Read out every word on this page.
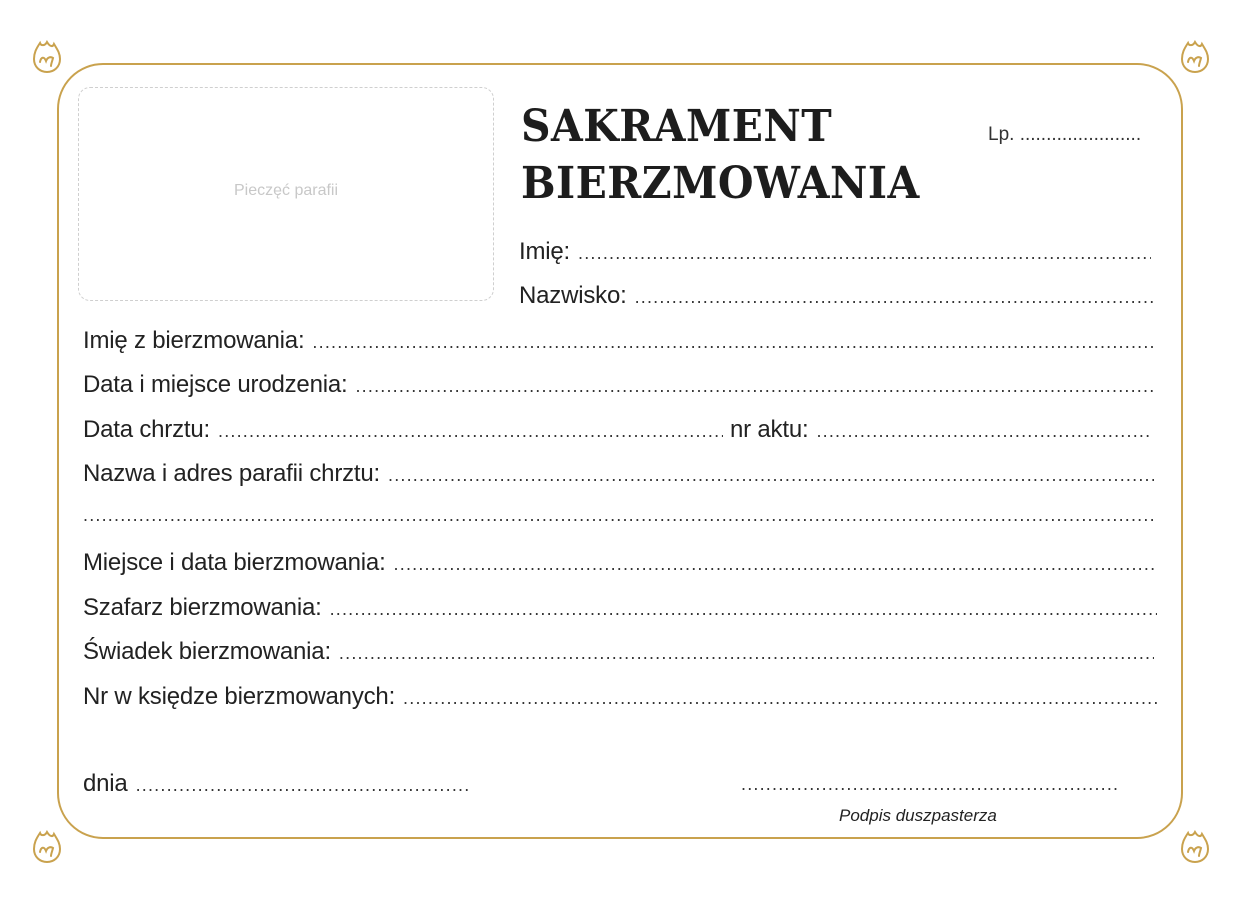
Pieczęć parafii
SAKRAMENT
BIERZMOWANIA
Lp. .......................
Imię:
.....
Nazwisko:
.....
Imię z bierzmowania:
.....
Data i miejsce urodzenia:
.....
Data chrztu: .....	nr aktu:
.....
Nazwa i adres parafii chrztu:
.....
.....
Miejsce i data bierzmowania:
.....
Szafarz bierzmowania:
.....
Świadek bierzmowania:
.....
Nr w księdze bierzmowanych:
.....
dnia
.....
.....
Podpis duszpasterza
